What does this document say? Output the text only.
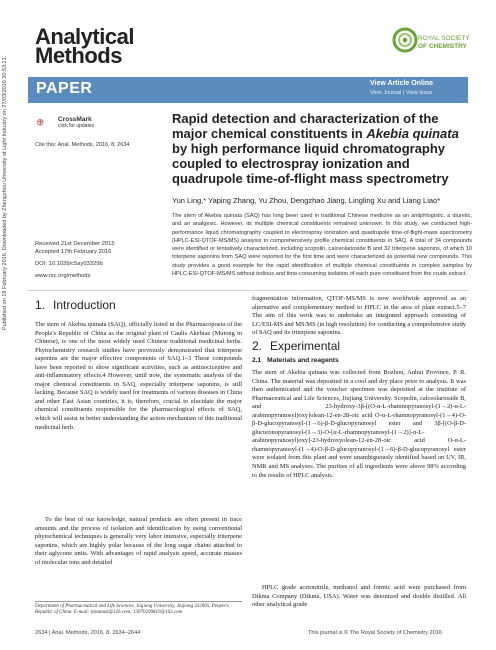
Published on 18 February 2016. Downloaded by Zhengzhou University of Light Industry on 27/03/2016 20:53:21.
Analytical
Methods
ROYAL SOCIETY
OF CHEMISTRY
PAPER	View Article Online
View Journal | View Issue
CrossMark
click for updates
Cite this: Anal. Methods, 2016, 8, 2634
Rapid detection and characterization of the major chemical constituents in Akebia quinata by high performance liquid chromatography coupled to electrospray ionization and quadrupole time-of-flight mass spectrometry
Yun Ling,* Yaping Zhang, Yu Zhou, Dengzhao Jiang, Lingling Xu and Liang Liao*
The stem of Akebia quinata (SAQ) has long been used in traditional Chinese medicine as an antiphlogistic, a diuretic, and an analgesic. However, its multiple chemical constituents remained unknown. In this study, we conducted high-performance liquid chromatography coupled to electrospray ionization and quadrupole time-of-flight-mass spectrometry (HPLC-ESI-QTOF-MS/MS) analysis to comprehensively profile chemical constituents in SAQ. A total of 34 compounds were identified or tentatively characterized, including scopolin, calceolarioside B and 32 triterpene saponins, of which 10 triterpene saponins from SAQ were reported for the first time and were characterized as potential new compounds. This study provides a good example for the rapid identification of multiple chemical constituents in complex samples by HPLC-ESI-QTOF-MS/MS without tedious and time-consuming isolation of each pure constituent from the crude extract.
Received 21st December 2015
Accepted 17th February 2016
DOI: 10.1039/c5ay03329b
www.rsc.org/methods
1. Introduction
The stem of Akebia quinata (SAQ), officially listed in the Pharmacopoeia of the People's Republic of China as the original plant of Caulis Akebiae (Mutong in Chinese), is one of the most widely used Chinese traditional medicinal herbs. Phytochemistry research studies have previously demonstrated that triterpene saponins are the major effective components of SAQ.1–3 These compounds have been reported to show significant activities, such as antinociceptive and anti-inflammatory effects.4 However, until now, the systematic analysis of the major chemical constituents in SAQ, especially triterpene saponins, is still lacking. Because SAQ is widely used for treatments of various diseases in China and other East Asian countries, it is, therefore, crucial to elucidate the major chemical constituents responsible for the pharmacological effects of SAQ, which will assist in better understanding the action mechanism of this traditional medicinal herb.
To the best of our knowledge, natural products are often present in trace amounts and the process of isolation and identification by using conventional phytochemical techniques is generally very labor intensive, especially triterpene saponins, which are highly polar because of the long sugar chains attached to their aglycone units. With advantages of rapid analysis speed, accurate masses of molecular ions and detailed
Department of Pharmaceutical and Life Sciences, Jiujiang University, Jiujiang 332005, People's Republic of China. E-mail: lymanust@126.com; 13970209819@163.com
fragmentation information, QTOF-MS/MS is now worldwide approved as an alternative and complementary method to HPLC in the area of plant extract.5–7 The aim of this work was to undertake an integrated approach consisting of LC/ESI-MS and MS/MS (in high resolution) for conducting a comprehensive study of SAQ and its triterpene saponins.
2. Experimental
2.1 Materials and reagents
The stem of Akebia quinata was collected from Bozhou, Anhui Province, P. R. China. The material was deposited in a cool and dry place prior to analysis. It was then authenticated and the voucher specimen was deposited at the institute of Pharmaceutical and Life Sciences, Jiujiang University. Scopolin, calceolarioside B, and 23-hydroxy-3β-[(O-α-L-rhamnopyranosyl-(1→2)-α-L-arabinopyranosyl)oxy]olean-12-en-28-oic acid O-α-L-rhamnopyranosyl-(1→4)-O-β-D-glucopyranosyl-(1→6)-β-D-glucopyranosyl ester and 3β-[(O-β-D-glucuronopyranosyl-(1→3)-O-[α-L-rhamnopyranosyl-(1→2)]-α-L-arabinopyranosyl)oxy]-23-hydroxyolean-12-en-28-oic acid O-α-L-rhamnopyranosyl-(1→4)-O-β-D-glucopyranosyl-(1→6)-β-D-glucopyranosyl ester were isolated from this plant and were unambiguously identified based on UV, IR, NMR and MS analyses. The purities of all ingredients were above 98% according to the results of HPLC analysis.
HPLC grade acetonitrile, methanol and formic acid were purchased from Dikma Company (Dikma, USA). Water was deionized and double distilled. All other analytical grade
2634 | Anal. Methods, 2016, 8, 2634–2644	This journal is © The Royal Society of Chemistry 2016
